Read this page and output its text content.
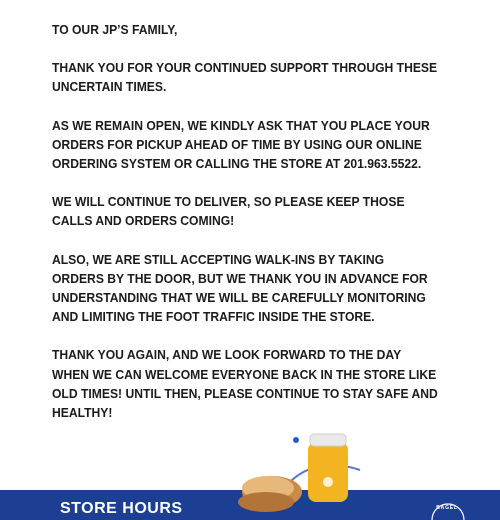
TO OUR JP’S FAMILY,

THANK YOU FOR YOUR CONTINUED SUPPORT THROUGH THESE UNCERTAIN TIMES.

AS WE REMAIN OPEN, WE KINDLY ASK THAT YOU PLACE YOUR ORDERS FOR PICKUP AHEAD OF TIME BY USING OUR ONLINE ORDERING SYSTEM OR CALLING THE STORE AT 201.963.5522.

WE WILL CONTINUE TO DELIVER, SO PLEASE KEEP THOSE CALLS AND ORDERS COMING!

ALSO, WE ARE STILL ACCEPTING WALK-INS BY TAKING ORDERS BY THE DOOR, BUT WE THANK YOU IN ADVANCE FOR UNDERSTANDING THAT WE WILL BE CAREFULLY MONITORING AND LIMITING THE FOOT TRAFFIC INSIDE THE STORE.

THANK YOU AGAIN, AND WE LOOK FORWARD TO THE DAY WHEN WE CAN WELCOME EVERYONE BACK IN THE STORE LIKE OLD TIMES! UNTIL THEN, PLEASE CONTINUE TO STAY SAFE AND HEALTHY!

STORE HOURS	BAGEL
